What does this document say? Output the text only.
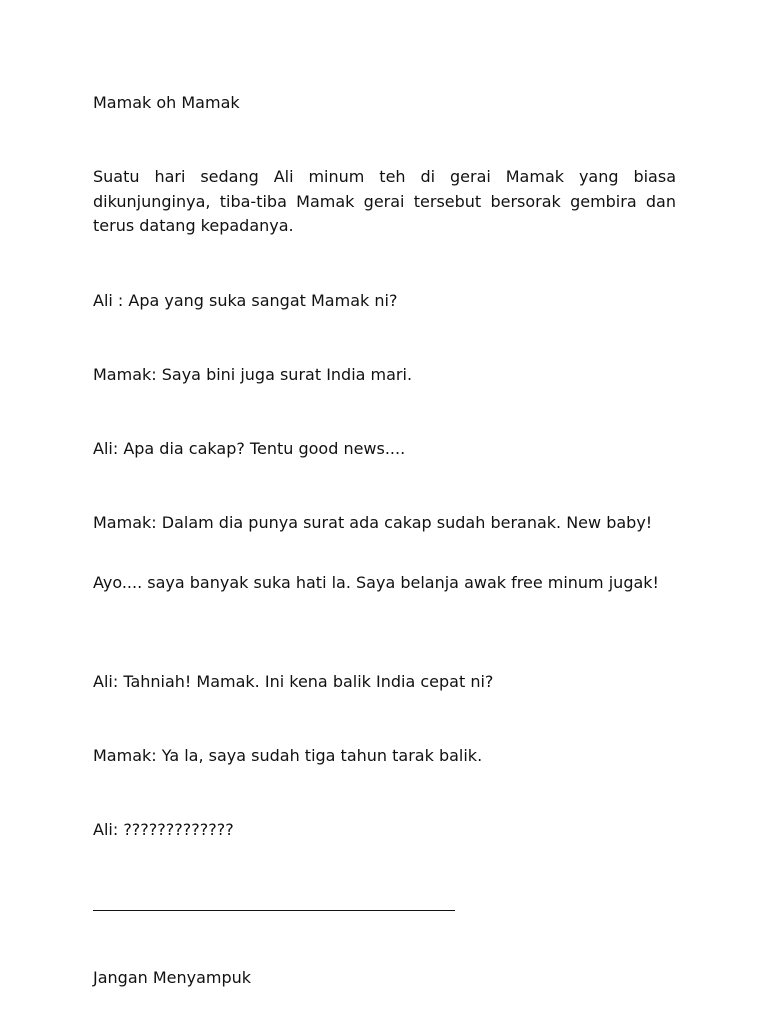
Mamak oh Mamak
Suatu hari sedang Ali minum teh di gerai Mamak yang biasa dikunjunginya, tiba-tiba Mamak gerai tersebut bersorak gembira dan terus datang kepadanya.
Ali : Apa yang suka sangat Mamak ni?
Mamak: Saya bini juga surat India mari.
Ali: Apa dia cakap? Tentu good news....
Mamak: Dalam dia punya surat ada cakap sudah beranak. New baby!
Ayo.... saya banyak suka hati la. Saya belanja awak free minum jugak!
Ali: Tahniah! Mamak. Ini kena balik India cepat ni?
Mamak: Ya la, saya sudah tiga tahun tarak balik.
Ali: ?????????????
Jangan Menyampuk
